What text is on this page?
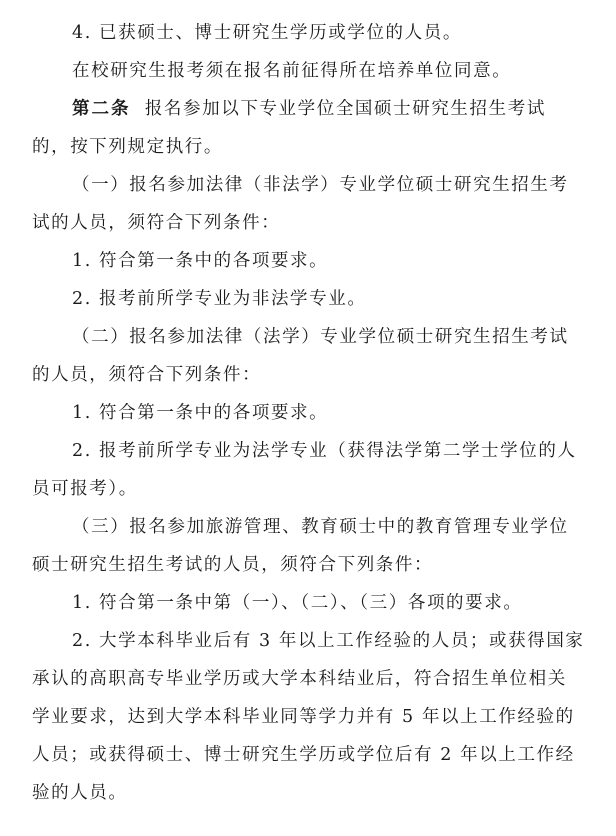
4. 已获硕士、博士研究生学历或学位的人员。
在校研究生报考须在报名前征得所在培养单位同意。
第二条 报名参加以下专业学位全国硕士研究生招生考试
的，按下列规定执行。
（一）报名参加法律（非法学）专业学位硕士研究生招生考
试的人员，须符合下列条件：
1. 符合第一条中的各项要求。
2. 报考前所学专业为非法学专业。
（二）报名参加法律（法学）专业学位硕士研究生招生考试
的人员，须符合下列条件：
1. 符合第一条中的各项要求。
2. 报考前所学专业为法学专业（获得法学第二学士学位的人
员可报考）。
（三）报名参加旅游管理、教育硕士中的教育管理专业学位
硕士研究生招生考试的人员，须符合下列条件：
1. 符合第一条中第（一）、（二）、（三）各项的要求。
2. 大学本科毕业后有 3 年以上工作经验的人员；或获得国家
承认的高职高专毕业学历或大学本科结业后，符合招生单位相关
学业要求，达到大学本科毕业同等学力并有 5 年以上工作经验的
人员；或获得硕士、博士研究生学历或学位后有 2 年以上工作经
验的人员。
